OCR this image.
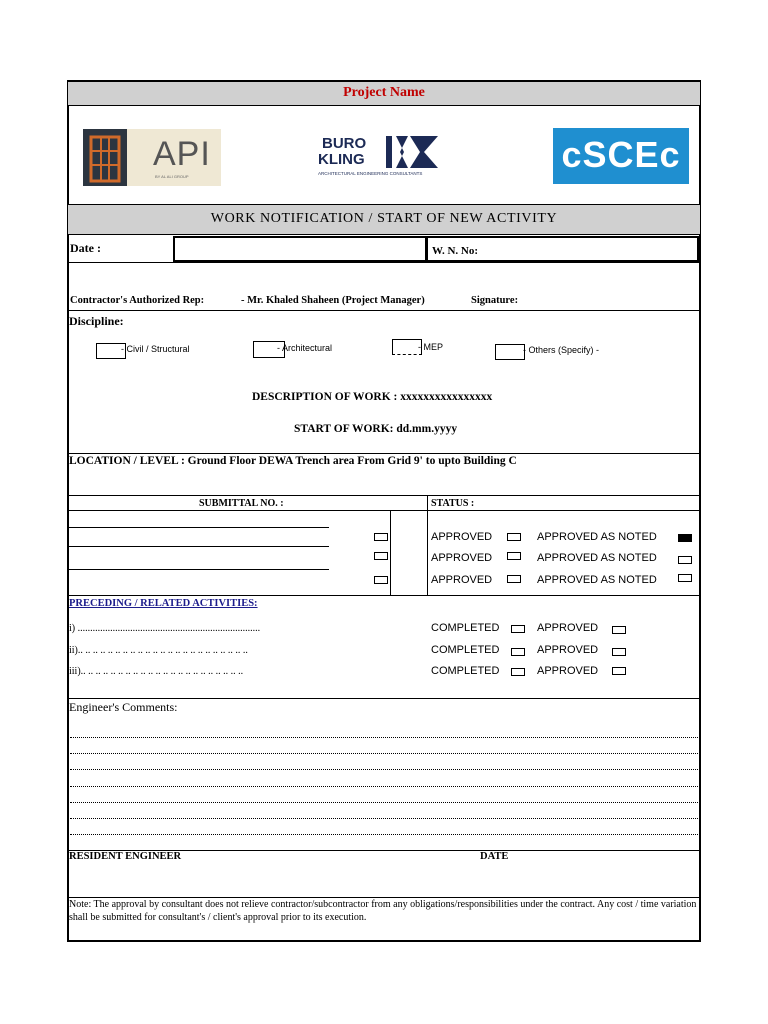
Project Name
API
BY AL ALI GROUP
BURO
KLING
ARCHITECTURAL ENGINEERING CONSULTANTS	cSCEc
WORK NOTIFICATION / START OF NEW ACTIVITY
Date :	W. N. No:
Contractor's Authorized Rep:	- Mr. Khaled Shaheen (Project Manager)	Signature:
Discipline:
- Civil / Structural	- Architectural	- MEP	- Others (Specify) -
DESCRIPTION OF WORK : xxxxxxxxxxxxxxxx
START OF WORK: dd.mm.yyyy
LOCATION / LEVEL : Ground Floor DEWA Trench area From Grid 9' to upto Building C
SUBMITTAL NO. :	STATUS :
APPROVED	APPROVED AS NOTED
APPROVED	APPROVED AS NOTED
APPROVED	APPROVED AS NOTED
PRECEDING / RELATED ACTIVITIES:
i) .........................................................................	COMPLETED	APPROVED
ii).. .. .. .. .. .. .. .. .. .. .. .. .. .. .. .. .. .. .. .. .. .. ..	COMPLETED	APPROVED
iii).. .. .. .. .. .. .. .. .. .. .. .. .. .. .. .. .. .. .. .. .. ..	COMPLETED	APPROVED
Engineer's Comments:
RESIDENT ENGINEER	DATE
Note: The approval by consultant does not relieve contractor/subcontractor from any obligations/responsibilities under the contract. Any cost / time variation shall be submitted for consultant's / client's approval prior to its execution.
